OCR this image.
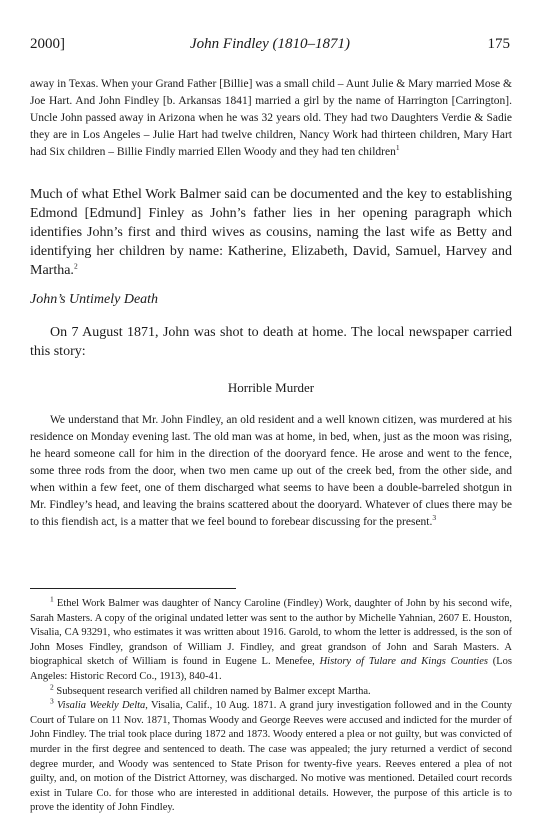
2000]	John Findley (1810–1871)	175
away in Texas. When your Grand Father [Billie] was a small child – Aunt Julie & Mary married Mose & Joe Hart. And John Findley [b. Arkansas 1841] married a girl by the name of Harrington [Carrington]. Uncle John passed away in Arizona when he was 32 years old. They had two Daughters Verdie & Sadie they are in Los Angeles – Julie Hart had twelve children, Nancy Work had thirteen children, Mary Hart had Six children – Billie Findly married Ellen Woody and they had ten children$^1$
Much of what Ethel Work Balmer said can be documented and the key to establishing Edmond [Edmund] Finley as John’s father lies in her opening paragraph which identifies John’s first and third wives as cousins, naming the last wife as Betty and identifying her children by name: Katherine, Elizabeth, David, Samuel, Harvey and Martha.$^2$
John’s Untimely Death
On 7 August 1871, John was shot to death at home. The local newspaper carried this story:
Horrible Murder
We understand that Mr. John Findley, an old resident and a well known citizen, was murdered at his residence on Monday evening last. The old man was at home, in bed, when, just as the moon was rising, he heard someone call for him in the direction of the dooryard fence. He arose and went to the fence, some three rods from the door, when two men came up out of the creek bed, from the other side, and when within a few feet, one of them discharged what seems to have been a double-barreled shotgun in Mr. Findley’s head, and leaving the brains scattered about the dooryard. Whatever of clues there may be to this fiendish act, is a matter that we feel bound to forebear discussing for the present.$^3$

$^1$ Ethel Work Balmer was daughter of Nancy Caroline (Findley) Work, daughter of John by his second wife, Sarah Masters. A copy of the original undated letter was sent to the author by Michelle Yahnian, 2607 E. Houston, Visalia, CA 93291, who estimates it was written about 1916. Garold, to whom the letter is addressed, is the son of John Moses Findley, grandson of William J. Findley, and great grandson of John and Sarah Masters. A biographical sketch of William is found in Eugene L. Menefee, History of Tulare and Kings Counties (Los Angeles: Historic Record Co., 1913), 840-41.

$^2$ Subsequent research verified all children named by Balmer except Martha.

$^3$ Visalia Weekly Delta, Visalia, Calif., 10 Aug. 1871. A grand jury investigation followed and in the County Court of Tulare on 11 Nov. 1871, Thomas Woody and George Reeves were accused and indicted for the murder of John Findley. The trial took place during 1872 and 1873. Woody entered a plea or not guilty, but was convicted of murder in the first degree and sentenced to death. The case was appealed; the jury returned a verdict of second degree murder, and Woody was sentenced to State Prison for twenty-five years. Reeves entered a plea of not guilty, and, on motion of the District Attorney, was discharged. No motive was mentioned. Detailed court records exist in Tulare Co. for those who are interested in additional details. However, the purpose of this article is to prove the identity of John Findley.
